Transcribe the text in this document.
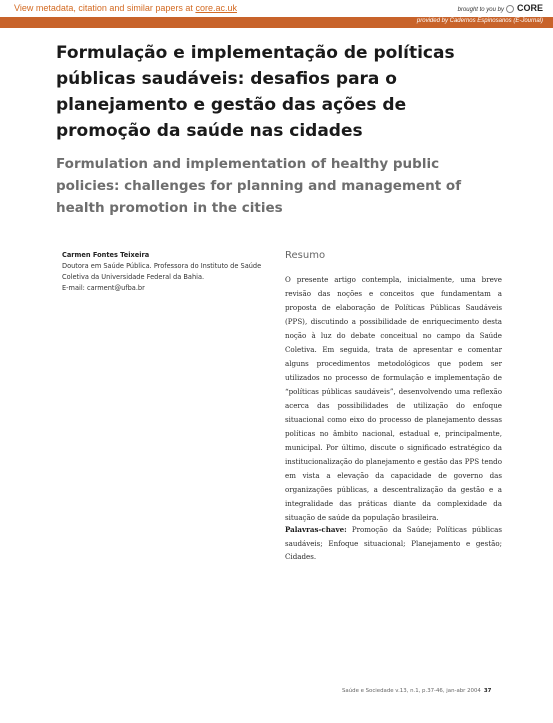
View metadata, citation and similar papers at core.ac.uk	brought to you by CORE
provided by Cadernos Espinosanos (E-Journal)
Formulação e implementação de políticas públicas saudáveis: desafios para o planejamento e gestão das ações de promoção da saúde nas cidades
Formulation and implementation of healthy public policies: challenges for planning and management of health promotion in the cities
Carmen Fontes Teixeira
Doutora em Saúde Pública. Professora do Instituto de Saúde Coletiva da Universidade Federal da Bahia.
E-mail: carment@ufba.br
Resumo
O presente artigo contempla, inicialmente, uma breve revisão das noções e conceitos que fundamentam a proposta de elaboração de Políticas Públicas Saudáveis (PPS), discutindo a possibilidade de enriquecimento desta noção à luz do debate conceitual no campo da Saúde Coletiva. Em seguida, trata de apresentar e comentar alguns procedimentos metodológicos que podem ser utilizados no processo de formulação e implementação de “políticas públicas saudáveis”, desenvolvendo uma reflexão acerca das possibilidades de utilização do enfoque situacional como eixo do processo de planejamento dessas políticas no âmbito nacional, estadual e, principalmente, municipal. Por último, discute o significado estratégico da institucionalização do planejamento e gestão das PPS tendo em vista a elevação da capacidade de governo das organizações públicas, a descentralização da gestão e a integralidade das práticas diante da complexidade da situação de saúde da população brasileira.
Palavras-chave: Promoção da Saúde; Políticas públicas saudáveis; Enfoque situacional; Planejamento e gestão; Cidades.
Saúde e Sociedade v.13, n.1, p.37-46, jan-abr 2004 37
